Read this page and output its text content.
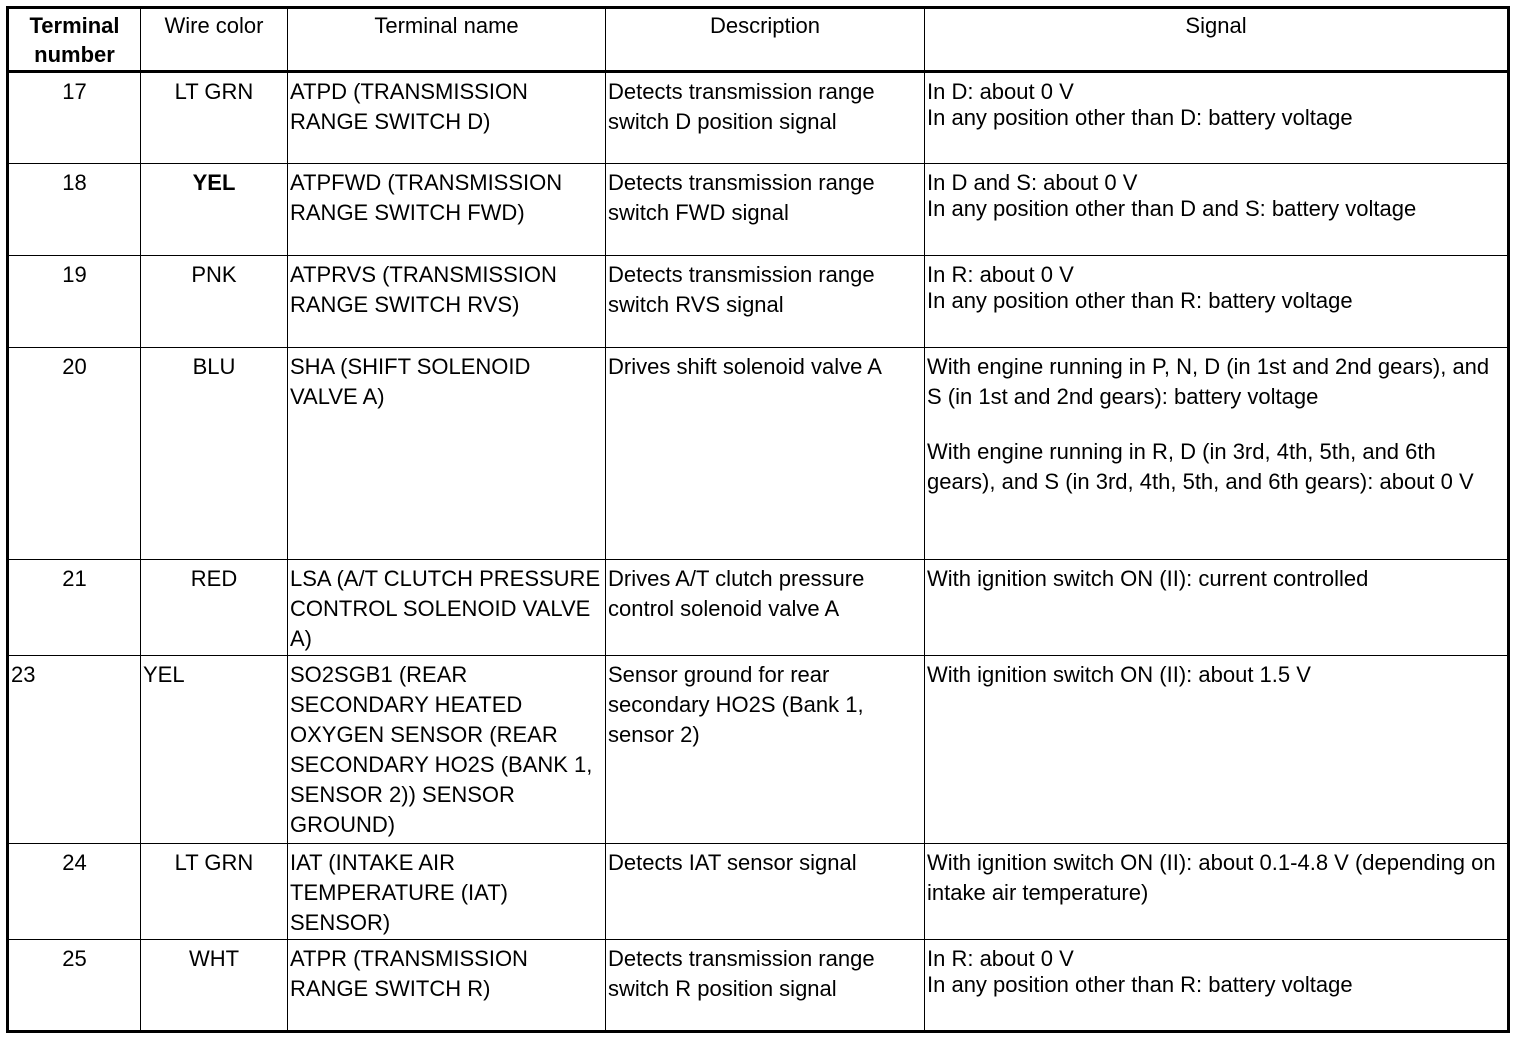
Terminal number	Wire color	Terminal name	Description	Signal
17	LT GRN	ATPD (TRANSMISSION RANGE SWITCH D)	Detects transmission range switch D position signal	In D: about 0 V
In any position other than D: battery voltage

18	YEL	ATPFWD (TRANSMISSION RANGE SWITCH FWD)	Detects transmission range switch FWD signal	In D and S: about 0 V
In any position other than D and S: battery voltage

19	PNK	ATPRVS (TRANSMISSION RANGE SWITCH RVS)	Detects transmission range switch RVS signal	In R: about 0 V
In any position other than R: battery voltage

20	BLU	SHA (SHIFT SOLENOID VALVE A)	Drives shift solenoid valve A	With engine running in P, N, D (in 1st and 2nd gears), and S (in 1st and 2nd gears): battery voltage
With engine running in R, D (in 3rd, 4th, 5th, and 6th gears), and S (in 3rd, 4th, 5th, and 6th gears): about 0 V

21	RED	LSA (A/T CLUTCH PRESSURE CONTROL SOLENOID VALVE A)	Drives A/T clutch pressure control solenoid valve A	With ignition switch ON (II): current controlled

23	YEL	SO2SGB1 (REAR SECONDARY HEATED OXYGEN SENSOR (REAR SECONDARY HO2S (BANK 1, SENSOR 2)) SENSOR GROUND)	Sensor ground for rear secondary HO2S (Bank 1, sensor 2)	With ignition switch ON (II): about 1.5 V

24	LT GRN	IAT (INTAKE AIR TEMPERATURE (IAT) SENSOR)	Detects IAT sensor signal	With ignition switch ON (II): about 0.1-4.8 V (depending on intake air temperature)

25	WHT	ATPR (TRANSMISSION RANGE SWITCH R)	Detects transmission range switch R position signal	In R: about 0 V
In any position other than R: battery voltage
